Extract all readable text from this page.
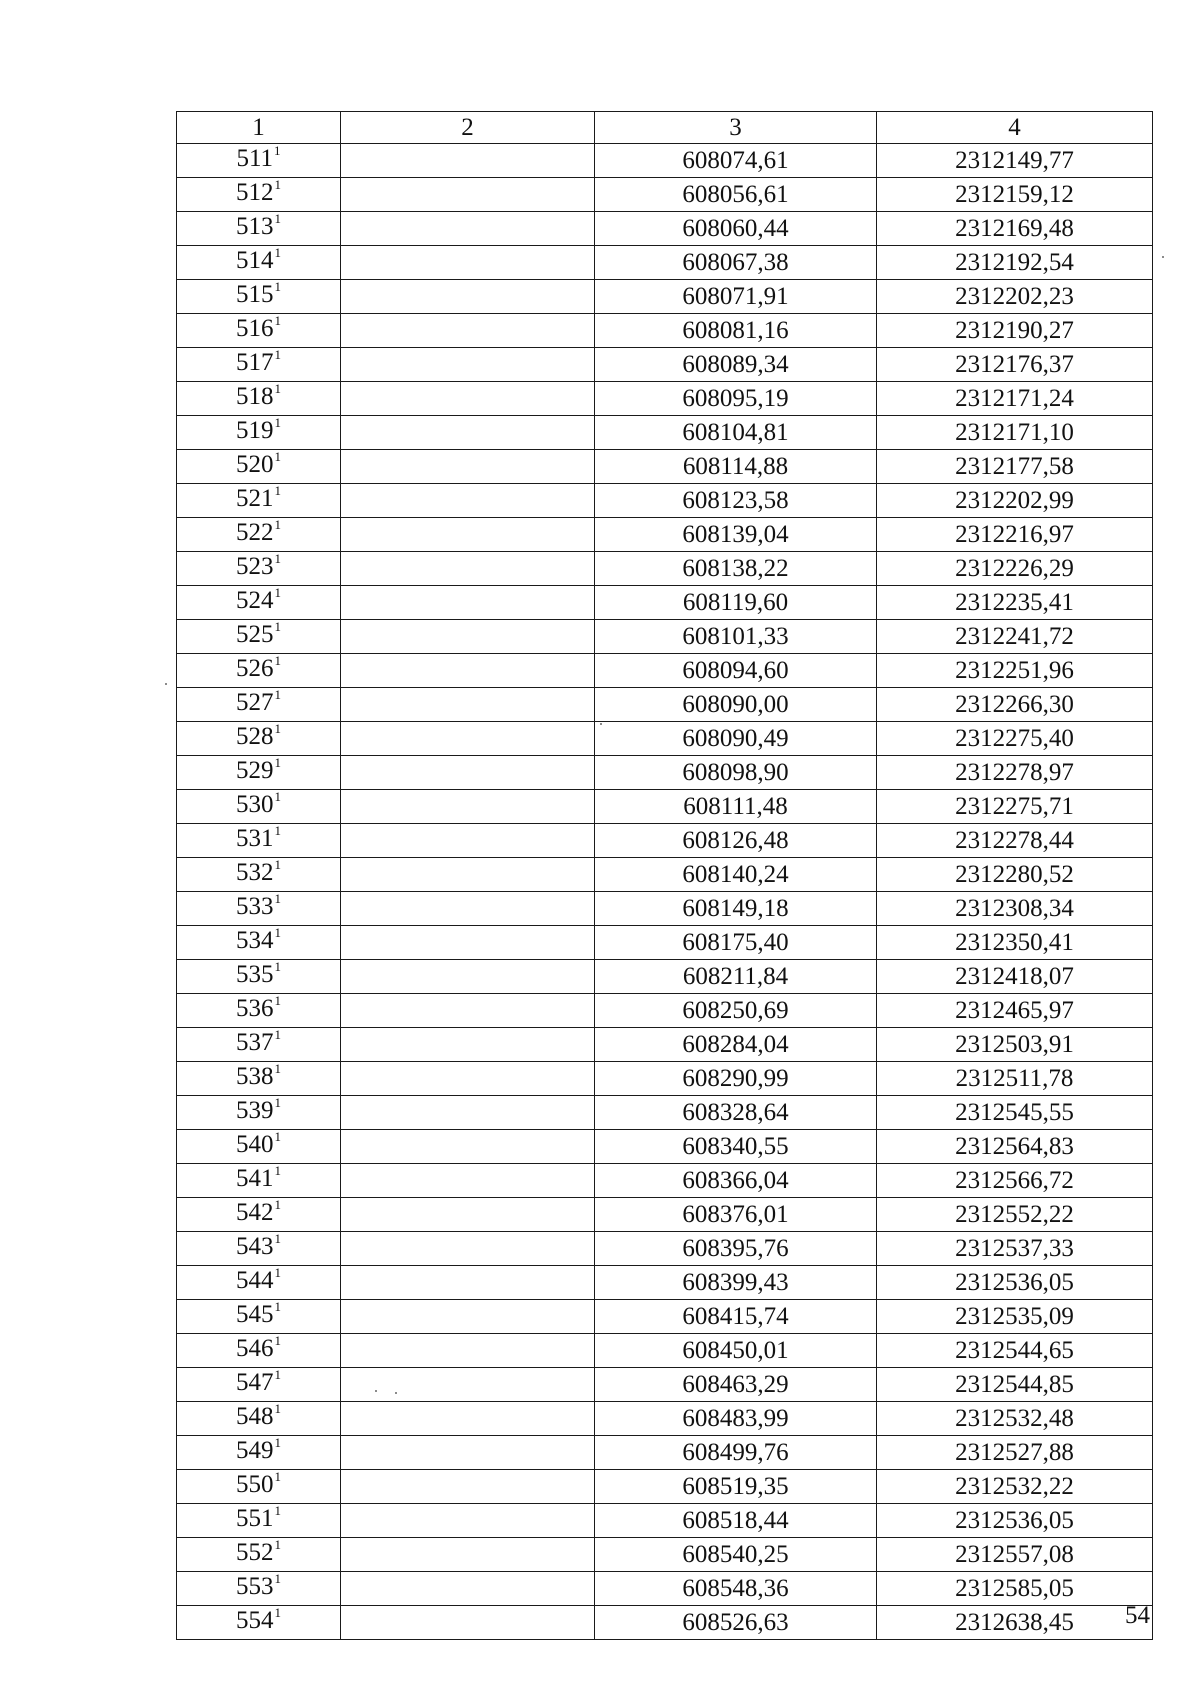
1	2	3	4
$511^1$		608074,61	2312149,77
$512^1$		608056,61	2312159,12
$513^1$		608060,44	2312169,48
$514^1$		608067,38	2312192,54
$515^1$		608071,91	2312202,23
$516^1$		608081,16	2312190,27
$517^1$		608089,34	2312176,37
$518^1$		608095,19	2312171,24
$519^1$		608104,81	2312171,10
$520^1$		608114,88	2312177,58
$521^1$		608123,58	2312202,99
$522^1$		608139,04	2312216,97
$523^1$		608138,22	2312226,29
$524^1$		608119,60	2312235,41
$525^1$		608101,33	2312241,72
$526^1$		608094,60	2312251,96
$527^1$		608090,00	2312266,30
$528^1$		608090,49	2312275,40
$529^1$		608098,90	2312278,97
$530^1$		608111,48	2312275,71
$531^1$		608126,48	2312278,44
$532^1$		608140,24	2312280,52
$533^1$		608149,18	2312308,34
$534^1$		608175,40	2312350,41
$535^1$		608211,84	2312418,07
$536^1$		608250,69	2312465,97
$537^1$		608284,04	2312503,91
$538^1$		608290,99	2312511,78
$539^1$		608328,64	2312545,55
$540^1$		608340,55	2312564,83
$541^1$		608366,04	2312566,72
$542^1$		608376,01	2312552,22
$543^1$		608395,76	2312537,33
$544^1$		608399,43	2312536,05
$545^1$		608415,74	2312535,09
$546^1$		608450,01	2312544,65
$547^1$		608463,29	2312544,85
$548^1$		608483,99	2312532,48
$549^1$		608499,76	2312527,88
$550^1$		608519,35	2312532,22
$551^1$		608518,44	2312536,05
$552^1$		608540,25	2312557,08
$553^1$		608548,36	2312585,05
$554^1$		608526,63	2312638,45 54
